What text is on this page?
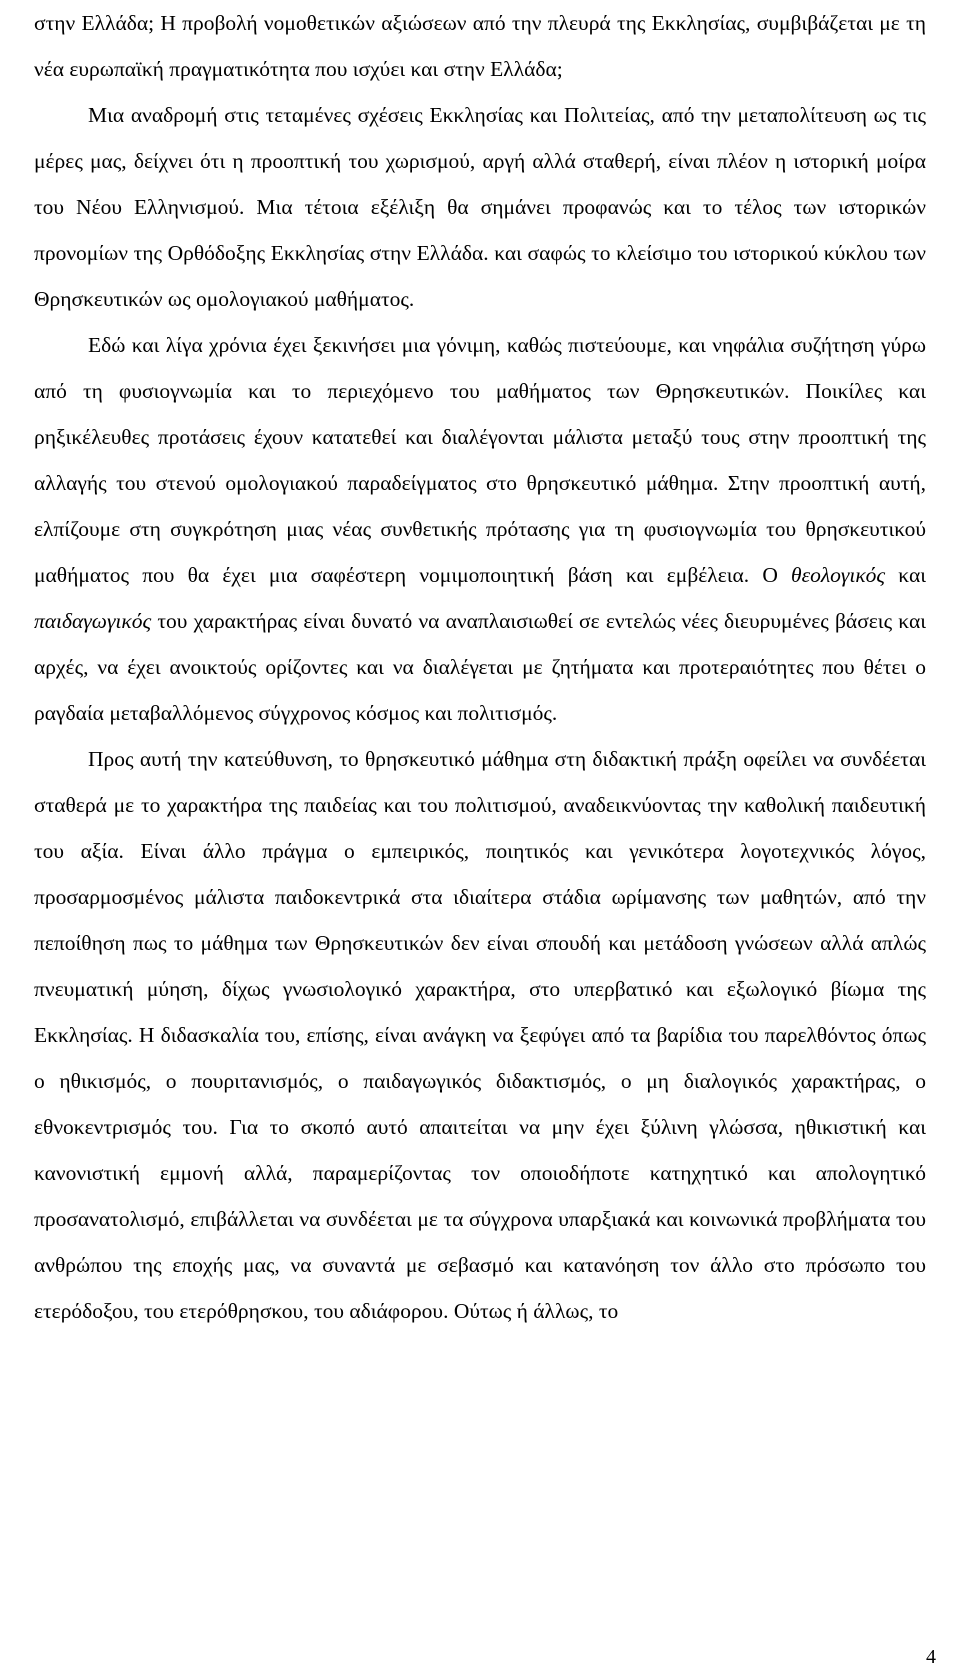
στην Ελλάδα; Η προβολή νομοθετικών αξιώσεων από την πλευρά της Εκκλησίας, συμβιβάζεται με τη νέα ευρωπαϊκή πραγματικότητα που ισχύει και στην Ελλάδα;

Μια αναδρομή στις τεταμένες σχέσεις Εκκλησίας και Πολιτείας, από την μεταπολίτευση ως τις μέρες μας, δείχνει ότι η προοπτική του χωρισμού, αργή αλλά σταθερή, είναι πλέον η ιστορική μοίρα του Νέου Ελληνισμού. Μια τέτοια εξέλιξη θα σημάνει προφανώς και το τέλος των ιστορικών προνομίων της Ορθόδοξης Εκκλησίας στην Ελλάδα. και σαφώς το κλείσιμο του ιστορικού κύκλου των Θρησκευτικών ως ομολογιακού μαθήματος.

Εδώ και λίγα χρόνια έχει ξεκινήσει μια γόνιμη, καθώς πιστεύουμε, και νηφάλια συζήτηση γύρω από τη φυσιογνωμία και το περιεχόμενο του μαθήματος των Θρησκευτικών. Ποικίλες και ρηξικέλευθες προτάσεις έχουν κατατεθεί και διαλέγονται μάλιστα μεταξύ τους στην προοπτική της αλλαγής του στενού ομολογιακού παραδείγματος στο θρησκευτικό μάθημα. Στην προοπτική αυτή, ελπίζουμε στη συγκρότηση μιας νέας συνθετικής πρότασης για τη φυσιογνωμία του θρησκευτικού μαθήματος που θα έχει μια σαφέστερη νομιμοποιητική βάση και εμβέλεια. Ο θεολογικός και παιδαγωγικός του χαρακτήρας είναι δυνατό να αναπλαισιωθεί σε εντελώς νέες διευρυμένες βάσεις και αρχές, να έχει ανοικτούς ορίζοντες και να διαλέγεται με ζητήματα και προτεραιότητες που θέτει ο ραγδαία μεταβαλλόμενος σύγχρονος κόσμος και πολιτισμός.

Προς αυτή την κατεύθυνση, το θρησκευτικό μάθημα στη διδακτική πράξη οφείλει να συνδέεται σταθερά με το χαρακτήρα της παιδείας και του πολιτισμού, αναδεικνύοντας την καθολική παιδευτική του αξία. Είναι άλλο πράγμα ο εμπειρικός, ποιητικός και γενικότερα λογοτεχνικός λόγος, προσαρμοσμένος μάλιστα παιδοκεντρικά στα ιδιαίτερα στάδια ωρίμανσης των μαθητών, από την πεποίθηση πως το μάθημα των Θρησκευτικών δεν είναι σπουδή και μετάδοση γνώσεων αλλά απλώς πνευματική μύηση, δίχως γνωσιολογικό χαρακτήρα, στο υπερβατικό και εξωλογικό βίωμα της Εκκλησίας. Η διδασκαλία του, επίσης, είναι ανάγκη να ξεφύγει από τα βαρίδια του παρελθόντος όπως ο ηθικισμός, ο πουριτανισμός, ο παιδαγωγικός διδακτισμός, ο μη διαλογικός χαρακτήρας, ο εθνοκεντρισμός του. Για το σκοπό αυτό απαιτείται να μην έχει ξύλινη γλώσσα, ηθικιστική και κανονιστική εμμονή αλλά, παραμερίζοντας τον οποιοδήποτε κατηχητικό και απολογητικό προσανατολισμό, επιβάλλεται να συνδέεται με τα σύγχρονα υπαρξιακά και κοινωνικά προβλήματα του ανθρώπου της εποχής μας, να συναντά με σεβασμό και κατανόηση τον άλλο στο πρόσωπο του ετερόδοξου, του ετερόθρησκου, του αδιάφορου. Ούτως ή άλλως, το

4
